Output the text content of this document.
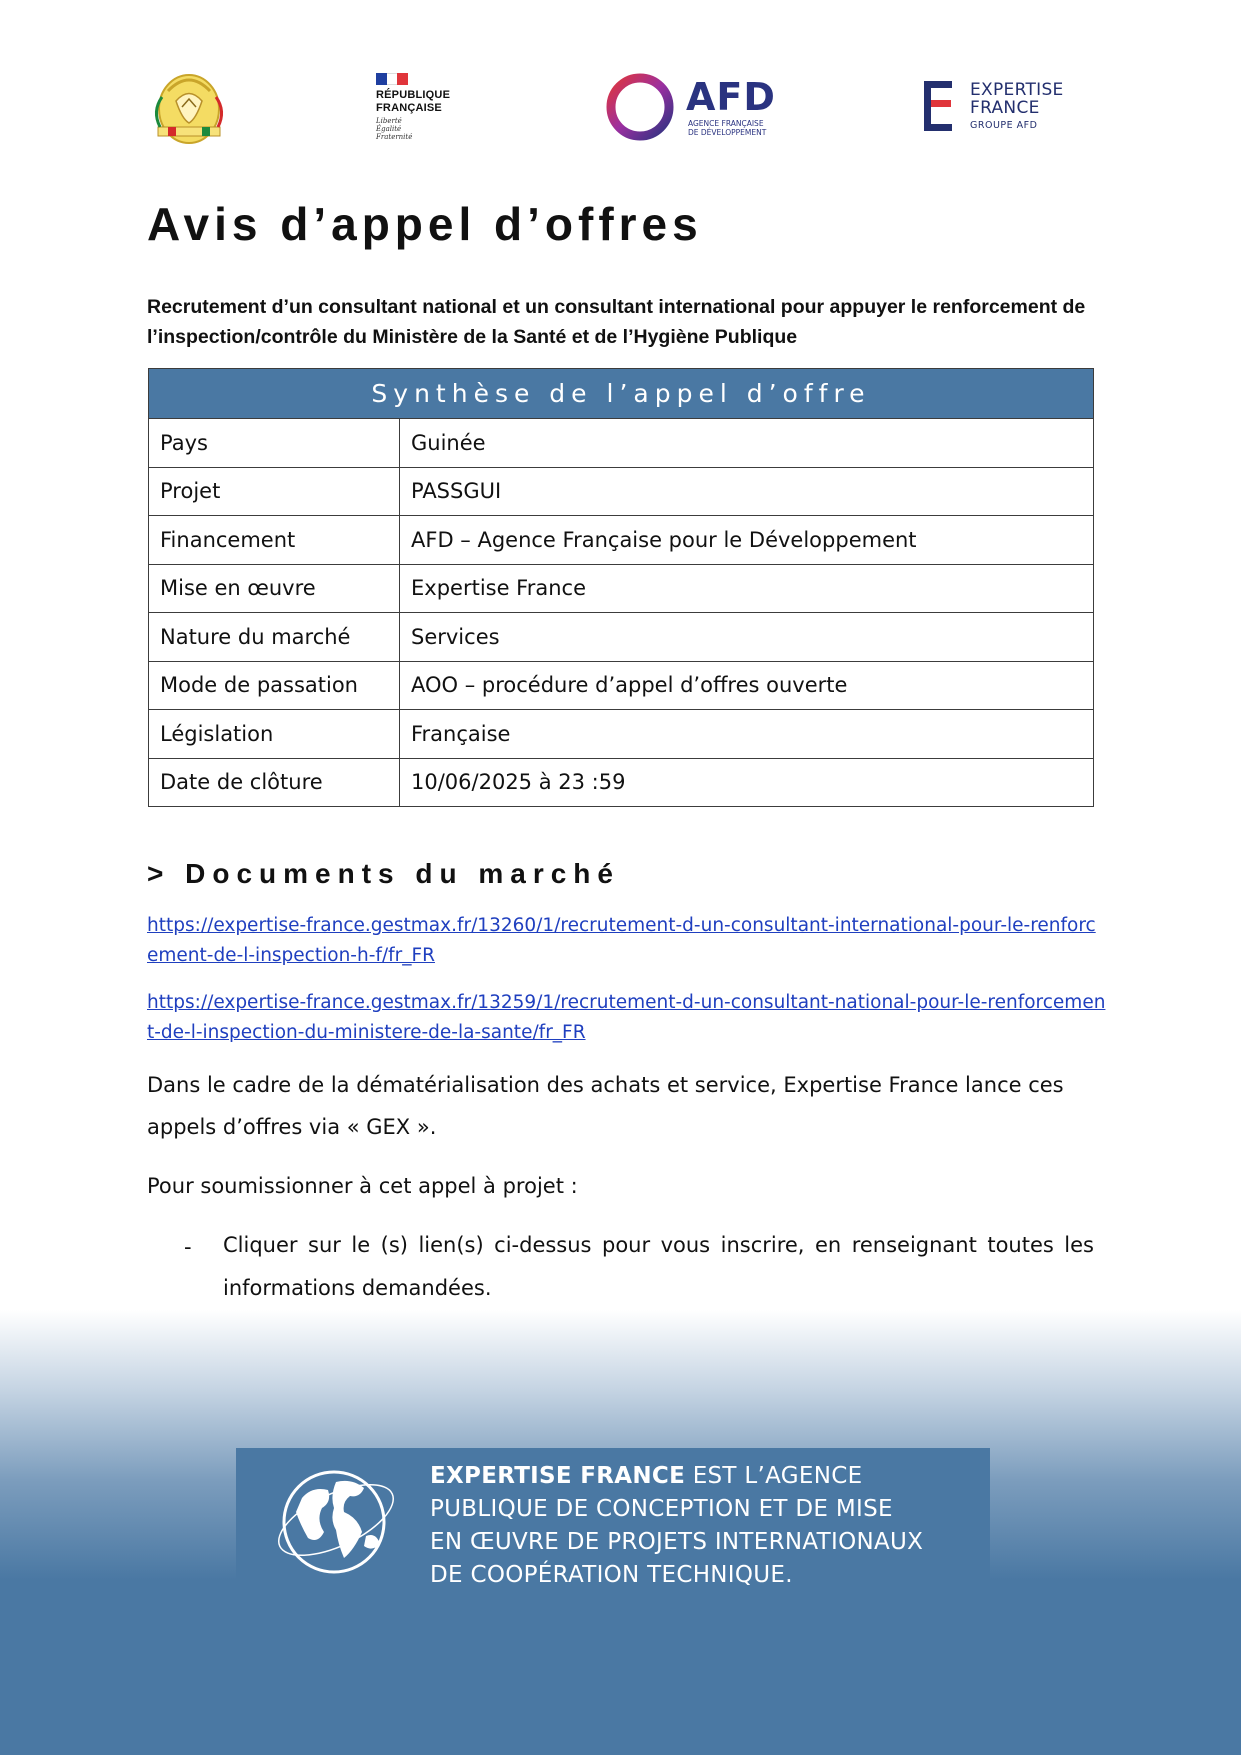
RÉPUBLIQUE
FRANÇAISE
Liberté
Égalité
Fraternité
AFD
AGENCE FRANÇAISE
DE DÉVELOPPEMENT
EXPERTISE
FRANCE
GROUPE AFD
Avis d’appel d’offres

Recrutement d’un consultant national et un consultant international pour appuyer le renforcement de l’inspection/contrôle du Ministère de la Santé et de l’Hygiène Publique

Synthèse de l’appel d’offre	
Pays	Guinée
Projet	PASSGUI
Financement	AFD – Agence Française pour le Développement
Mise en œuvre	Expertise France
Nature du marché	Services
Mode de passation	AOO – procédure d’appel d’offres ouverte
Législation	Française
Date de clôture	10/06/2025 à 23 :59
> Documents du marché
https://expertise-france.gestmax.fr/13260/1/recrutement-d-un-consultant-international-pour-le-renforcement-de-l-inspection-h-f/fr_FR
https://expertise-france.gestmax.fr/13259/1/recrutement-d-un-consultant-national-pour-le-renforcement-de-l-inspection-du-ministere-de-la-sante/fr_FR

Dans le cadre de la dématérialisation des achats et service, Expertise France lance ces appels d’offres via « GEX ».

Pour soumissionner à cet appel à projet :

- Cliquer sur le (s) lien(s) ci-dessus pour vous inscrire, en renseignant toutes les informations demandées.

EXPERTISE FRANCE EST L’AGENCE
PUBLIQUE DE CONCEPTION ET DE MISE
EN ŒUVRE DE PROJETS INTERNATIONAUX
DE COOPÉRATION TECHNIQUE.
